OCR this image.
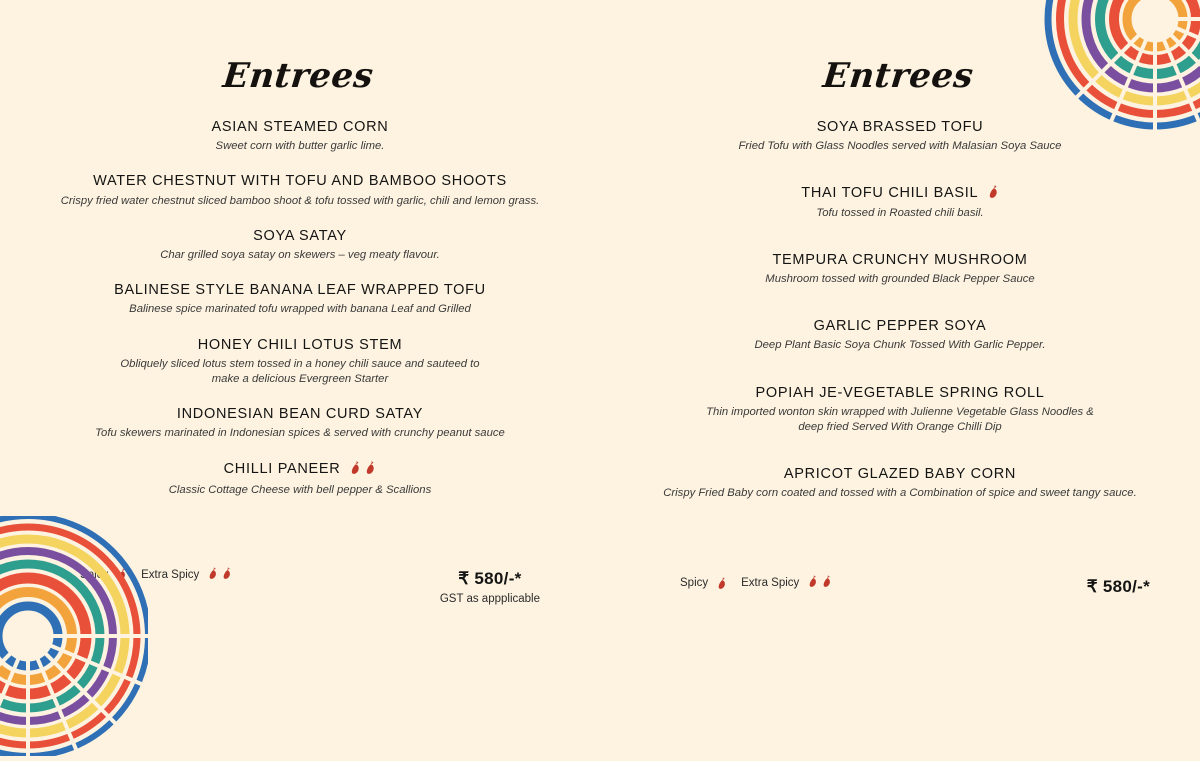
Entrees
ASIAN STEAMED CORN
Sweet corn with butter garlic lime.
WATER CHESTNUT WITH TOFU AND BAMBOO SHOOTS
Crispy fried water chestnut sliced bamboo shoot & tofu tossed with garlic, chili and lemon grass.
SOYA SATAY
Char grilled soya satay on skewers – veg meaty flavour.
BALINESE STYLE BANANA LEAF WRAPPED TOFU
Balinese spice marinated tofu wrapped with banana Leaf and Grilled
HONEY CHILI LOTUS STEM
Obliquely sliced lotus stem tossed in a honey chili sauce and sauteed to make a delicious Evergreen Starter
INDONESIAN BEAN CURD SATAY
Tofu skewers marinated in Indonesian spices & served with crunchy peanut sauce
CHILLI PANEER
Classic Cottage Cheese with bell pepper & Scallions
Spicy	Extra Spicy
	₹ 580/-*
GST as appplicable
Entrees
SOYA BRASSED TOFU
Fried Tofu with Glass Noodles served with Malasian Soya Sauce
THAI TOFU CHILI BASIL
Tofu tossed in Roasted chili basil.
TEMPURA CRUNCHY MUSHROOM
Mushroom tossed with grounded Black Pepper Sauce
GARLIC PEPPER SOYA
Deep Plant Basic Soya Chunk Tossed With Garlic Pepper.
POPIAH JE-VEGETABLE SPRING ROLL
Thin imported wonton skin wrapped with Julienne Vegetable Glass Noodles & deep fried Served With Orange Chilli Dip
APRICOT GLAZED BABY CORN
Crispy Fried Baby corn coated and tossed with a Combination of spice and sweet tangy sauce.
Spicy	Extra Spicy
	₹ 580/-*
